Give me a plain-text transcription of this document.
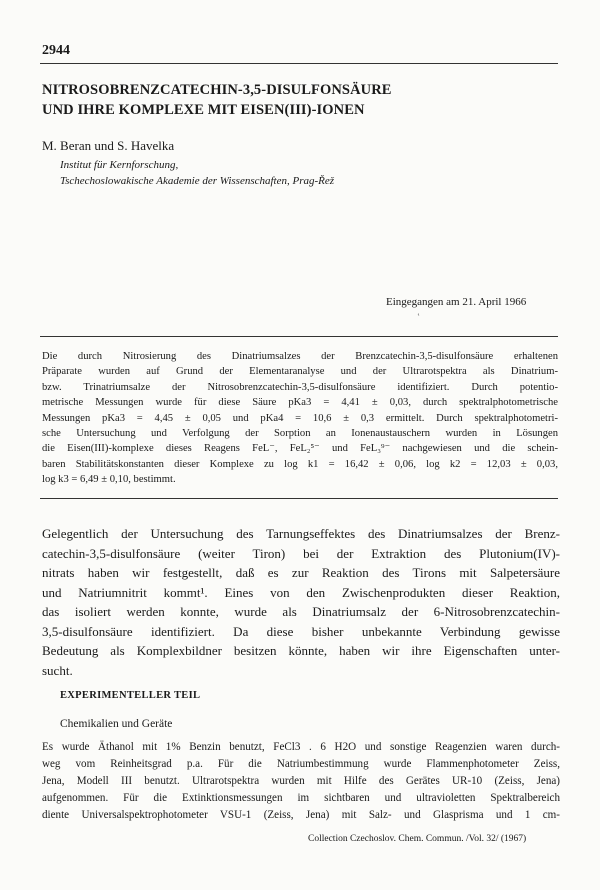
2944
NITROSOBRENZCATECHIN-3,5-DISULFONSÄURE
UND IHRE KOMPLEXE MIT EISEN(III)-IONEN
M. Beran und S. Havelka
Institut für Kernforschung,
Tschechoslowakische Akademie der Wissenschaften, Prag-Řež
Eingegangen am 21. April 1966
ʽ
Die durch Nitrosierung des Dinatriumsalzes der Brenzcatechin-3,5-disulfonsäure erhaltenen
Präparate wurden auf Grund der Elementaranalyse und der Ultrarotspektra als Dinatrium-
bzw. Trinatriumsalze der Nitrosobrenzcatechin-3,5-disulfonsäure identifiziert. Durch potentio-
metrische Messungen wurde für diese Säure pKa3 = 4,41 ± 0,03, durch spektralphotometrische
Messungen pKa3 = 4,45 ± 0,05 und pKa4 = 10,6 ± 0,3 ermittelt. Durch spektralphotometri-
sche Untersuchung und Verfolgung der Sorption an Ionenaustauschern wurden in Lösungen
die Eisen(III)-komplexe dieses Reagens FeL⁻, FeL₂⁵⁻ und FeL₃⁹⁻ nachgewiesen und die schein-
baren Stabilitätskonstanten dieser Komplexe zu log k1 = 16,42 ± 0,06, log k2 = 12,03 ± 0,03,
log k3 = 6,49 ± 0,10, bestimmt.
Gelegentlich der Untersuchung des Tarnungseffektes des Dinatriumsalzes der Brenz-
catechin-3,5-disulfonsäure (weiter Tiron) bei der Extraktion des Plutonium(IV)-
nitrats haben wir festgestellt, daß es zur Reaktion des Tirons mit Salpetersäure
und Natriumnitrit kommt¹. Eines von den Zwischenprodukten dieser Reaktion,
das isoliert werden konnte, wurde als Dinatriumsalz der 6-Nitrosobrenzcatechin-
3,5-disulfonsäure identifiziert. Da diese bisher unbekannte Verbindung gewisse
Bedeutung als Komplexbildner besitzen könnte, haben wir ihre Eigenschaften unter-
sucht.
EXPERIMENTELLER TEIL
Chemikalien und Geräte
Es wurde Äthanol mit 1% Benzin benutzt, FeCl3 . 6 H2O und sonstige Reagenzien waren durch-
weg vom Reinheitsgrad p.a. Für die Natriumbestimmung wurde Flammenphotometer Zeiss,
Jena, Modell III benutzt. Ultrarotspektra wurden mit Hilfe des Gerätes UR-10 (Zeiss, Jena)
aufgenommen. Für die Extinktionsmessungen im sichtbaren und ultravioletten Spektralbereich
diente Universalspektrophotometer VSU-1 (Zeiss, Jena) mit Salz- und Glasprisma und 1 cm-
Collection Czechoslov. Chem. Commun. /Vol. 32/ (1967)
